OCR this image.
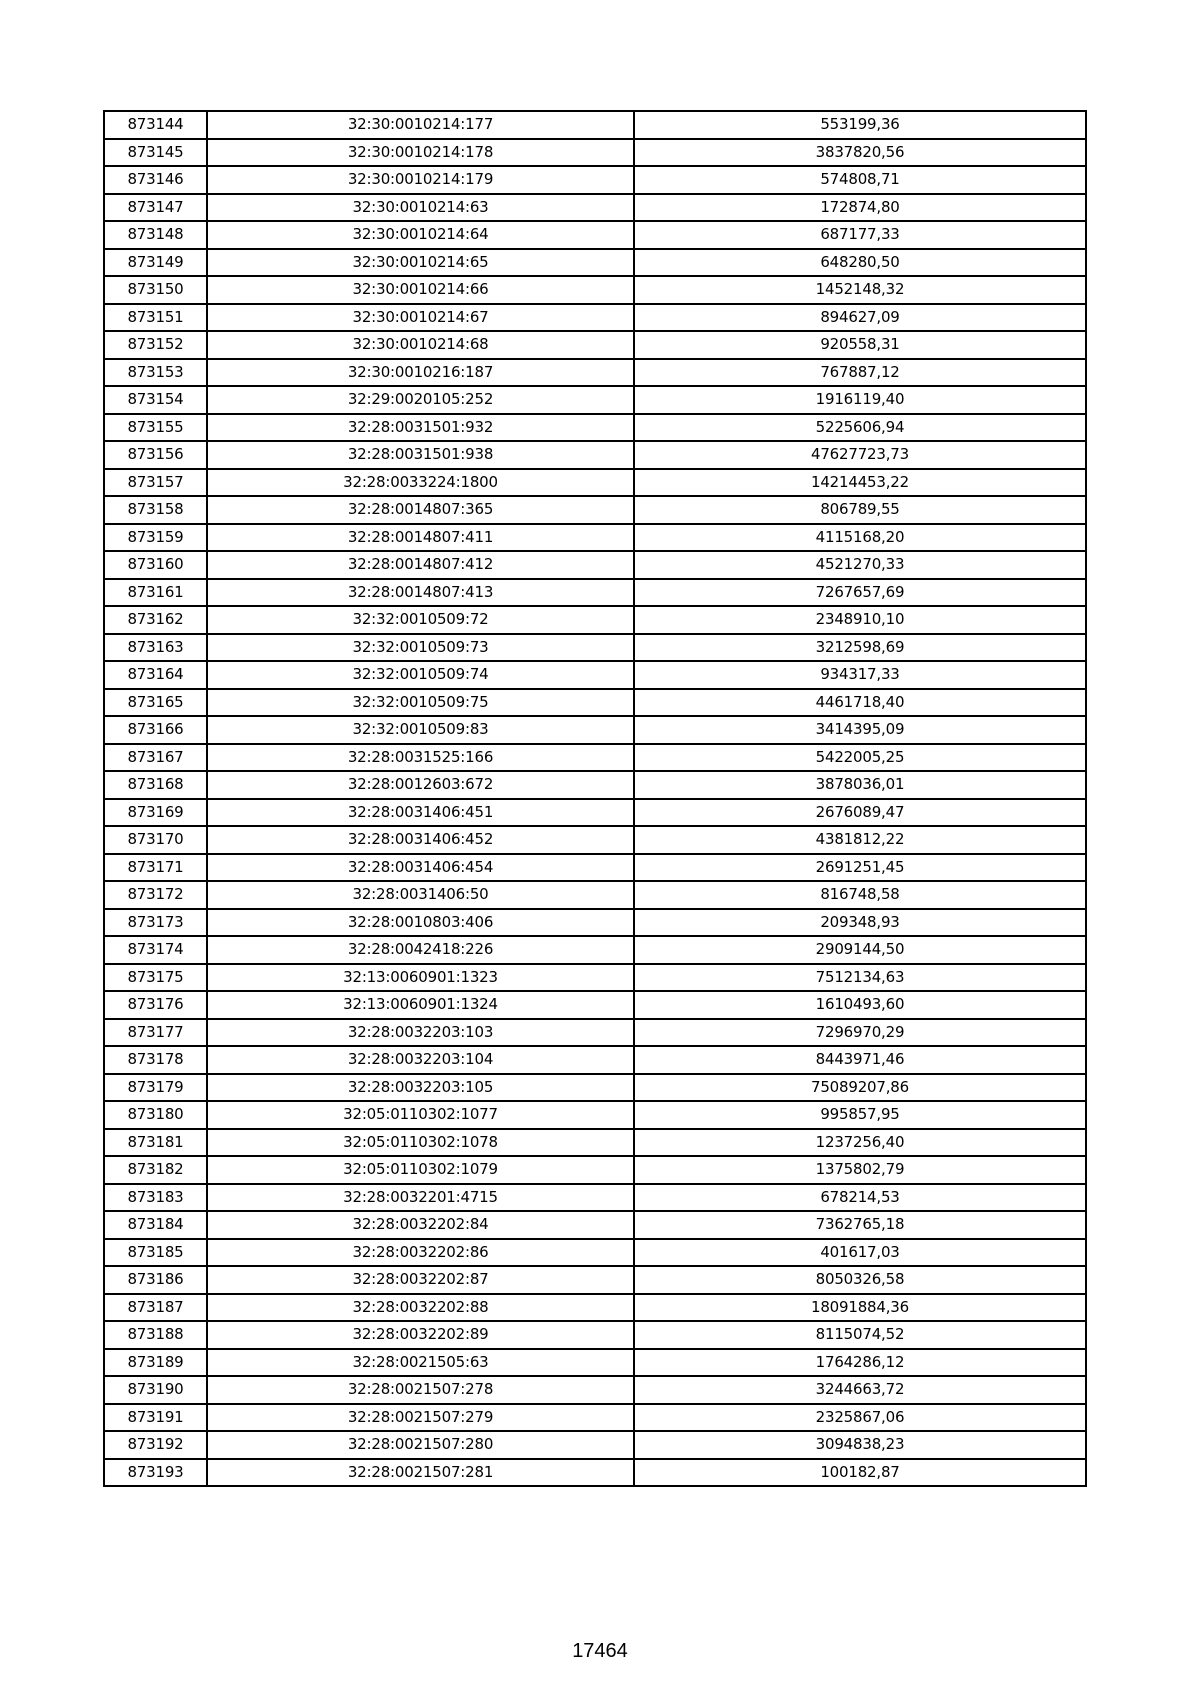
873144	32:30:0010214:177	553199,36
873145	32:30:0010214:178	3837820,56
873146	32:30:0010214:179	574808,71
873147	32:30:0010214:63	172874,80
873148	32:30:0010214:64	687177,33
873149	32:30:0010214:65	648280,50
873150	32:30:0010214:66	1452148,32
873151	32:30:0010214:67	894627,09
873152	32:30:0010214:68	920558,31
873153	32:30:0010216:187	767887,12
873154	32:29:0020105:252	1916119,40
873155	32:28:0031501:932	5225606,94
873156	32:28:0031501:938	47627723,73
873157	32:28:0033224:1800	14214453,22
873158	32:28:0014807:365	806789,55
873159	32:28:0014807:411	4115168,20
873160	32:28:0014807:412	4521270,33
873161	32:28:0014807:413	7267657,69
873162	32:32:0010509:72	2348910,10
873163	32:32:0010509:73	3212598,69
873164	32:32:0010509:74	934317,33
873165	32:32:0010509:75	4461718,40
873166	32:32:0010509:83	3414395,09
873167	32:28:0031525:166	5422005,25
873168	32:28:0012603:672	3878036,01
873169	32:28:0031406:451	2676089,47
873170	32:28:0031406:452	4381812,22
873171	32:28:0031406:454	2691251,45
873172	32:28:0031406:50	816748,58
873173	32:28:0010803:406	209348,93
873174	32:28:0042418:226	2909144,50
873175	32:13:0060901:1323	7512134,63
873176	32:13:0060901:1324	1610493,60
873177	32:28:0032203:103	7296970,29
873178	32:28:0032203:104	8443971,46
873179	32:28:0032203:105	75089207,86
873180	32:05:0110302:1077	995857,95
873181	32:05:0110302:1078	1237256,40
873182	32:05:0110302:1079	1375802,79
873183	32:28:0032201:4715	678214,53
873184	32:28:0032202:84	7362765,18
873185	32:28:0032202:86	401617,03
873186	32:28:0032202:87	8050326,58
873187	32:28:0032202:88	18091884,36
873188	32:28:0032202:89	8115074,52
873189	32:28:0021505:63	1764286,12
873190	32:28:0021507:278	3244663,72
873191	32:28:0021507:279	2325867,06
873192	32:28:0021507:280	3094838,23
873193	32:28:0021507:281	100182,87
17464
